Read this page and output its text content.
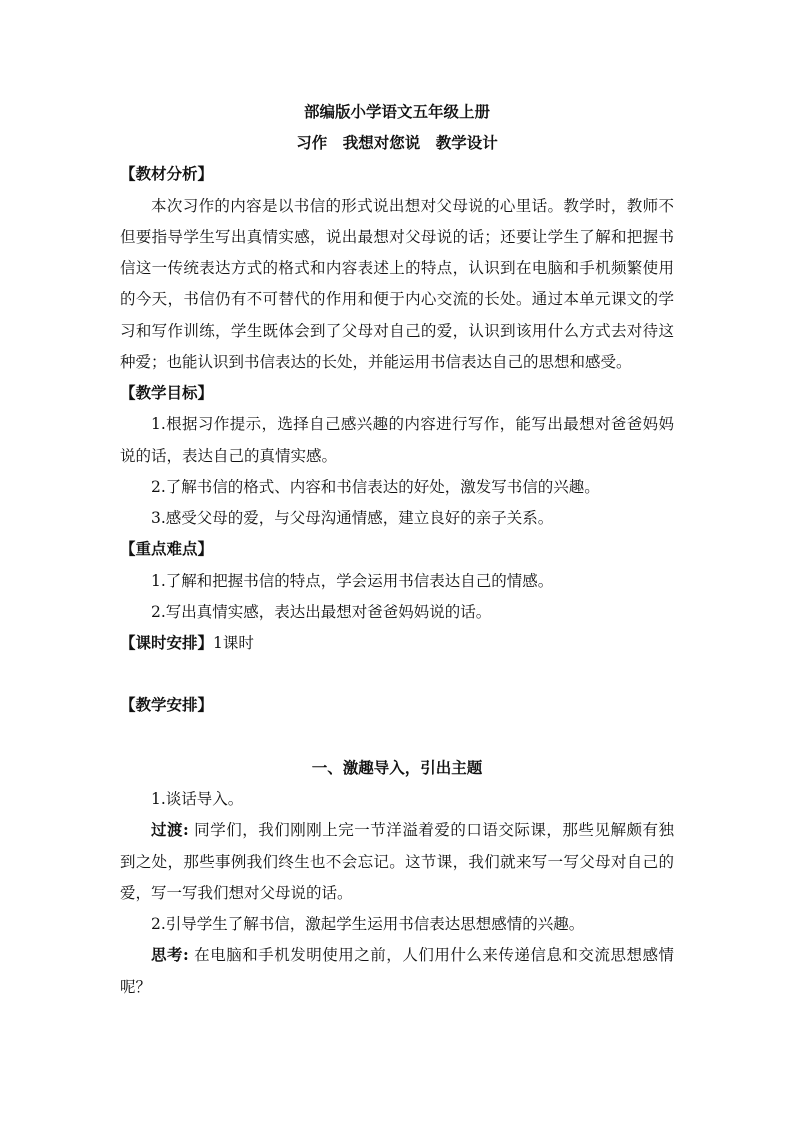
部编版小学语文五年级上册
习作　我想对您说　教学设计
【教材分析】
本次习作的内容是以书信的形式说出想对父母说的心里话。教学时，教师不
但要指导学生写出真情实感，说出最想对父母说的话；还要让学生了解和把握书
信这一传统表达方式的格式和内容表述上的特点，认识到在电脑和手机频繁使用
的今天，书信仍有不可替代的作用和便于内心交流的长处。通过本单元课文的学
习和写作训练，学生既体会到了父母对自己的爱，认识到该用什么方式去对待这
种爱；也能认识到书信表达的长处，并能运用书信表达自己的思想和感受。
【教学目标】
1.根据习作提示，选择自己感兴趣的内容进行写作，能写出最想对爸爸妈妈
说的话，表达自己的真情实感。
2.了解书信的格式、内容和书信表达的好处，激发写书信的兴趣。
3.感受父母的爱，与父母沟通情感，建立良好的亲子关系。
【重点难点】
1.了解和把握书信的特点，学会运用书信表达自己的情感。
2.写出真情实感，表达出最想对爸爸妈妈说的话。
【课时安排】1课时
【教学安排】
一、激趣导入，引出主题
1.谈话导入。
过渡: 同学们，我们刚刚上完一节洋溢着爱的口语交际课，那些见解颇有独
到之处，那些事例我们终生也不会忘记。这节课，我们就来写一写父母对自己的
爱，写一写我们想对父母说的话。
2.引导学生了解书信，激起学生运用书信表达思想感情的兴趣。
思考: 在电脑和手机发明使用之前，人们用什么来传递信息和交流思想感情
呢？
